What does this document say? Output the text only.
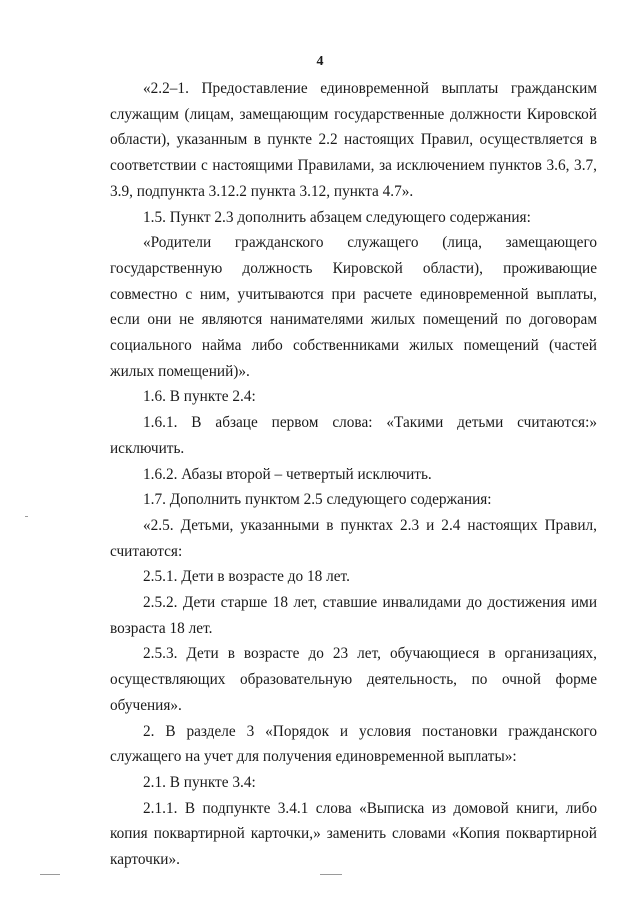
4

«2.2–1. Предоставление единовременной выплаты гражданским служащим (лицам, замещающим государственные должности Кировской области), указанным в пункте 2.2 настоящих Правил, осуществляется в соответствии с настоящими Правилами, за исключением пунктов 3.6, 3.7, 3.9, подпункта 3.12.2 пункта 3.12, пункта 4.7».

1.5. Пункт 2.3 дополнить абзацем следующего содержания:

«Родители гражданского служащего (лица, замещающего государственную должность Кировской области), проживающие совместно с ним, учитываются при расчете единовременной выплаты, если они не являются нанимателями жилых помещений по договорам социального найма либо собственниками жилых помещений (частей жилых помещений)».

1.6. В пункте 2.4:

1.6.1. В абзаце первом слова: «Такими детьми считаются:» исключить.

1.6.2. Абазы второй – четвертый исключить.

1.7. Дополнить пунктом 2.5 следующего содержания:

«2.5. Детьми, указанными в пунктах 2.3 и 2.4 настоящих Правил, считаются:

2.5.1. Дети в возрасте до 18 лет.

2.5.2. Дети старше 18 лет, ставшие инвалидами до достижения ими возраста 18 лет.

2.5.3. Дети в возрасте до 23 лет, обучающиеся в организациях, осуществляющих образовательную деятельность, по очной форме обучения».

2. В разделе 3 «Порядок и условия постановки гражданского служащего на учет для получения единовременной выплаты»:

2.1. В пункте 3.4:

2.1.1. В подпункте 3.4.1 слова «Выписка из домовой книги, либо копия поквартирной карточки,» заменить словами «Копия поквартирной карточки».
